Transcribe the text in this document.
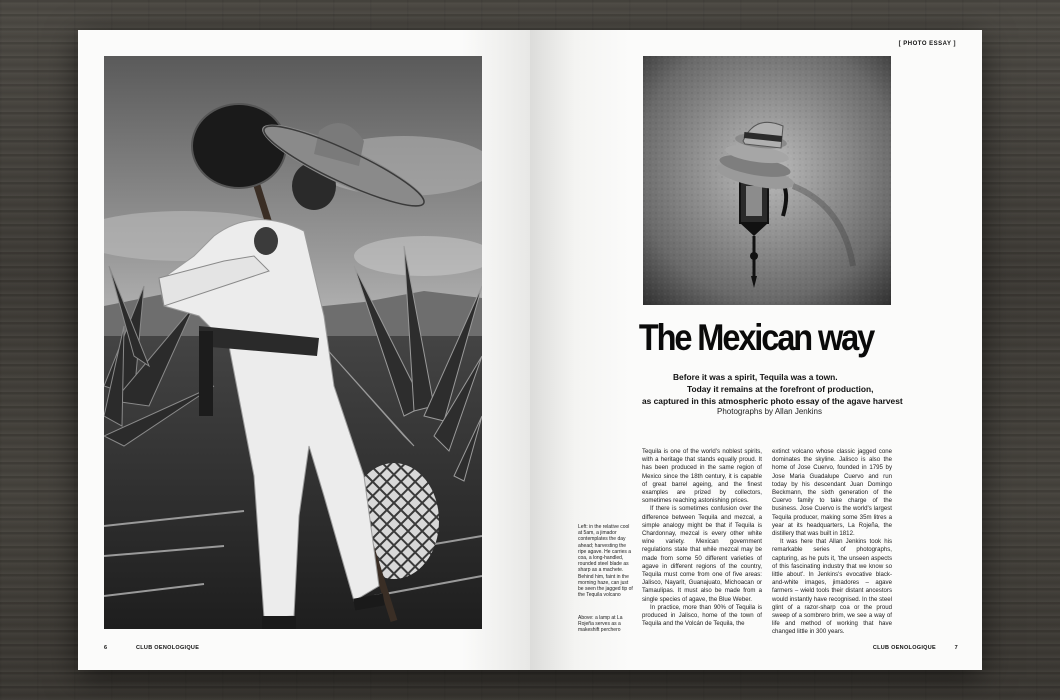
6	CLUB OENOLOGIQUE
[ PHOTO ESSAY ]
The Mexican way
Before it was a spirit, Tequila was a town.
Today it remains at the forefront of production,
as captured in this atmospheric photo essay of the agave harvest
Photographs by Allan Jenkins
Left: in the relative cool at 5am, a jimador contemplates the day ahead; harvesting the ripe agave. He carries a coa, a long-handled, rounded steel blade as sharp as a machete. Behind him, faint in the morning haze, can just be seen the jagged tip of the Tequila volcano
Above: a lamp at La Rojeña serves as a makeshift perchero

Tequila is one of the world's noblest spirits, with a heritage that stands equally proud. It has been produced in the same region of Mexico since the 18th century, it is capable of great barrel ageing, and the finest examples are prized by collectors, sometimes reaching astonishing prices.

If there is sometimes confusion over the difference between Tequila and mezcal, a simple analogy might be that if Tequila is Chardonnay, mezcal is every other white wine variety. Mexican government regulations state that while mezcal may be made from some 50 different varieties of agave in different regions of the country, Tequila must come from one of five areas: Jalisco, Nayarit, Guanajuato, Michoacan or Tamaulipas. It must also be made from a single species of agave, the Blue Weber.

In practice, more than 90% of Tequila is produced in Jalisco, home of the town of Tequila and the Volcán de Tequila, the

extinct volcano whose classic jagged cone dominates the skyline. Jalisco is also the home of Jose Cuervo, founded in 1795 by Jose Maria Guadalupe Cuervo and run today by his descendant Juan Domingo Beckmann, the sixth generation of the Cuervo family to take charge of the business. Jose Cuervo is the world's largest Tequila producer, making some 35m litres a year at its headquarters, La Rojeña, the distillery that was built in 1812.

It was here that Allan Jenkins took his remarkable series of photographs, capturing, as he puts it, 'the unseen aspects of this fascinating industry that we know so little about'. In Jenkins's evocative black-and-white images, jimadores – agave farmers – wield tools their distant ancestors would instantly have recognised. In the steel glint of a razor-sharp coa or the proud sweep of a sombrero brim, we see a way of life and method of working that have changed little in 300 years.

CLUB OENOLOGIQUE	7
